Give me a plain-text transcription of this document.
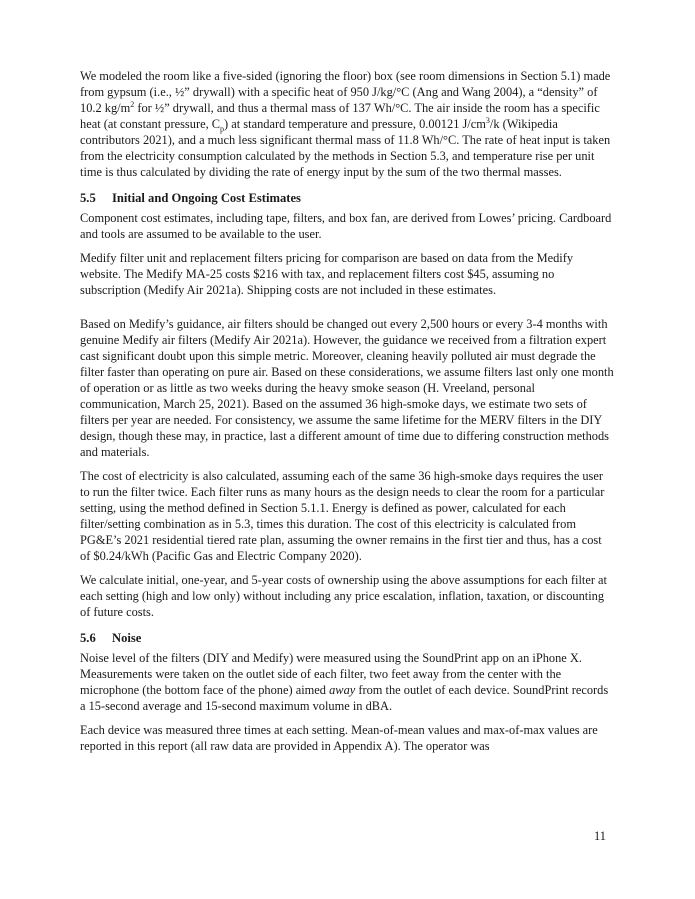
We modeled the room like a five-sided (ignoring the floor) box (see room dimensions in Section 5.1) made from gypsum (i.e., ½” drywall) with a specific heat of 950 J/kg/°C (Ang and Wang 2004), a “density” of 10.2 $kg/m^2$ for ½” drywall, and thus a thermal mass of 137 Wh/°C. The air inside the room has a specific heat (at constant pressure, $C_p$) at standard temperature and pressure, 0.00121 $J/cm^3/k$ (Wikipedia contributors 2021), and a much less significant thermal mass of 11.8 Wh/°C. The rate of heat input is taken from the electricity consumption calculated by the methods in Section 5.3, and temperature rise per unit time is thus calculated by dividing the rate of energy input by the sum of the two thermal masses.

5.5 Initial and Ongoing Cost Estimates

Component cost estimates, including tape, filters, and box fan, are derived from Lowes’ pricing. Cardboard and tools are assumed to be available to the user.

Medify filter unit and replacement filters pricing for comparison are based on data from the Medify website. The Medify MA-25 costs $216 with tax, and replacement filters cost $45, assuming no subscription (Medify Air 2021a). Shipping costs are not included in these estimates.

Based on Medify’s guidance, air filters should be changed out every 2,500 hours or every 3-4 months with genuine Medify air filters (Medify Air 2021a). However, the guidance we received from a filtration expert cast significant doubt upon this simple metric. Moreover, cleaning heavily polluted air must degrade the filter faster than operating on pure air. Based on these considerations, we assume filters last only one month of operation or as little as two weeks during the heavy smoke season (H. Vreeland, personal communication, March 25, 2021). Based on the assumed 36 high-smoke days, we estimate two sets of filters per year are needed. For consistency, we assume the same lifetime for the MERV filters in the DIY design, though these may, in practice, last a different amount of time due to differing construction methods and materials.

The cost of electricity is also calculated, assuming each of the same 36 high-smoke days requires the user to run the filter twice. Each filter runs as many hours as the design needs to clear the room for a particular setting, using the method defined in Section 5.1.1. Energy is defined as power, calculated for each filter/setting combination as in 5.3, times this duration. The cost of this electricity is calculated from PG&E’s 2021 residential tiered rate plan, assuming the owner remains in the first tier and thus, has a cost of $0.24/kWh (Pacific Gas and Electric Company 2020).

We calculate initial, one-year, and 5-year costs of ownership using the above assumptions for each filter at each setting (high and low only) without including any price escalation, inflation, taxation, or discounting of future costs.

5.6 Noise

Noise level of the filters (DIY and Medify) were measured using the SoundPrint app on an iPhone X. Measurements were taken on the outlet side of each filter, two feet away from the center with the microphone (the bottom face of the phone) aimed away from the outlet of each device. SoundPrint records a 15-second average and 15-second maximum volume in dBA.

Each device was measured three times at each setting. Mean-of-mean values and max-of-max values are reported in this report (all raw data are provided in Appendix A). The operator was

11
